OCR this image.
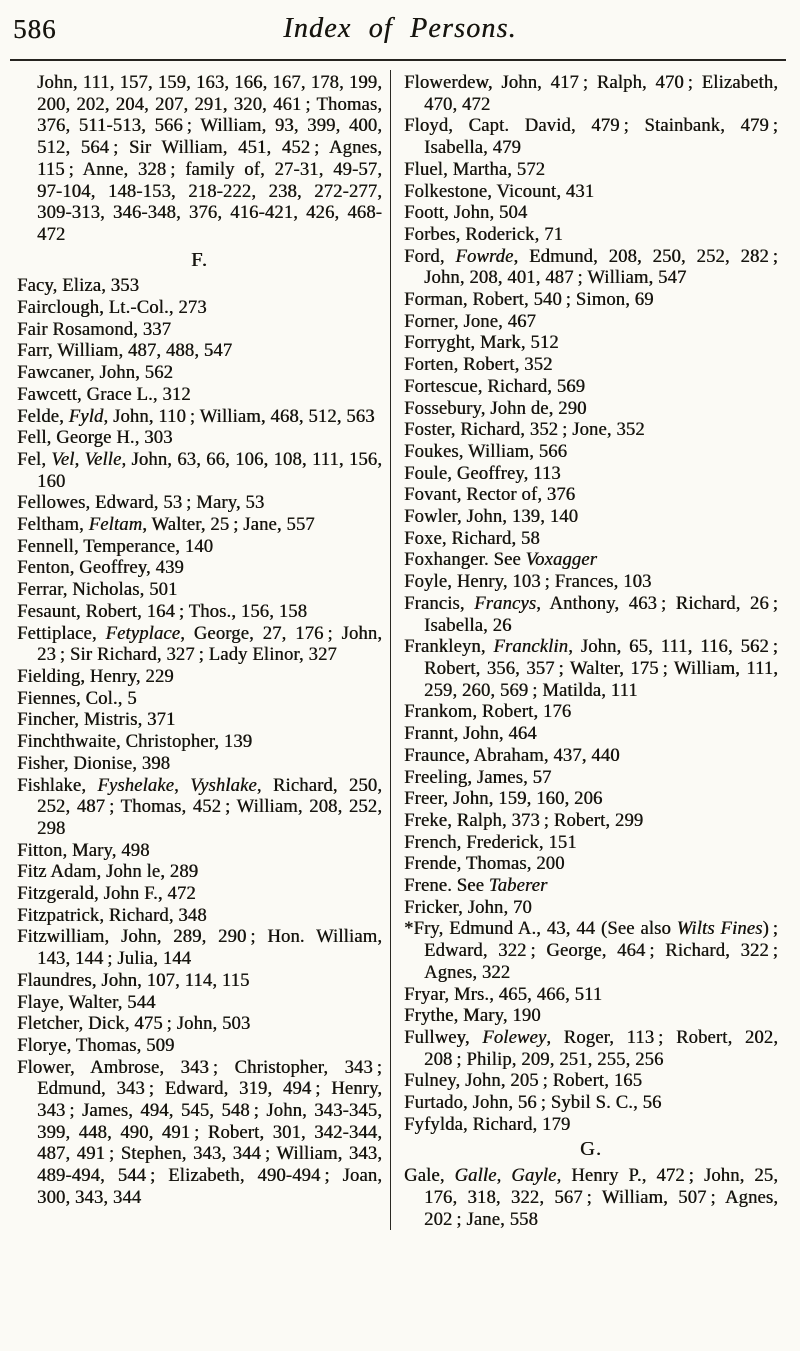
586	Index of Persons.

John, 111, 157, 159, 163, 166, 167, 178, 199, 200, 202, 204, 207, 291, 320, 461 ; Thomas, 376, 511-513, 566 ; William, 93, 399, 400, 512, 564 ; Sir William, 451, 452 ; Agnes, 115 ; Anne, 328 ; family of, 27-31, 49-57, 97-104, 148-153, 218-222, 238, 272-277, 309-313, 346-348, 376, 416-421, 426, 468-472

F.

Facy, Eliza, 353

Fairclough, Lt.-Col., 273

Fair Rosamond, 337

Farr, William, 487, 488, 547

Fawcaner, John, 562

Fawcett, Grace L., 312

Felde, Fyld, John, 110 ; William, 468, 512, 563

Fell, George H., 303

Fel, Vel, Velle, John, 63, 66, 106, 108, 111, 156, 160

Fellowes, Edward, 53 ; Mary, 53

Feltham, Feltam, Walter, 25 ; Jane, 557

Fennell, Temperance, 140

Fenton, Geoffrey, 439

Ferrar, Nicholas, 501

Fesaunt, Robert, 164 ; Thos., 156, 158

Fettiplace, Fetyplace, George, 27, 176 ; John, 23 ; Sir Richard, 327 ; Lady Elinor, 327

Fielding, Henry, 229

Fiennes, Col., 5

Fincher, Mistris, 371

Finchthwaite, Christopher, 139

Fisher, Dionise, 398

Fishlake, Fyshelake, Vyshlake, Richard, 250, 252, 487 ; Thomas, 452 ; William, 208, 252, 298

Fitton, Mary, 498

Fitz Adam, John le, 289

Fitzgerald, John F., 472

Fitzpatrick, Richard, 348

Fitzwilliam, John, 289, 290 ; Hon. William, 143, 144 ; Julia, 144

Flaundres, John, 107, 114, 115

Flaye, Walter, 544

Fletcher, Dick, 475 ; John, 503

Florye, Thomas, 509

Flower, Ambrose, 343 ; Christopher, 343 ; Edmund, 343 ; Edward, 319, 494 ; Henry, 343 ; James, 494, 545, 548 ; John, 343-345, 399, 448, 490, 491 ; Robert, 301, 342-344, 487, 491 ; Stephen, 343, 344 ; William, 343, 489-494, 544 ; Elizabeth, 490-494 ; Joan, 300, 343, 344

Flowerdew, John, 417 ; Ralph, 470 ; Elizabeth, 470, 472

Floyd, Capt. David, 479 ; Stainbank, 479 ; Isabella, 479

Fluel, Martha, 572

Folkestone, Vicount, 431

Foott, John, 504

Forbes, Roderick, 71

Ford, Fowrde, Edmund, 208, 250, 252, 282 ; John, 208, 401, 487 ; William, 547

Forman, Robert, 540 ; Simon, 69

Forner, Jone, 467

Forryght, Mark, 512

Forten, Robert, 352

Fortescue, Richard, 569

Fossebury, John de, 290

Foster, Richard, 352 ; Jone, 352

Foukes, William, 566

Foule, Geoffrey, 113

Fovant, Rector of, 376

Fowler, John, 139, 140

Foxe, Richard, 58

Foxhanger. See Voxagger

Foyle, Henry, 103 ; Frances, 103

Francis, Francys, Anthony, 463 ; Richard, 26 ; Isabella, 26

Frankleyn, Francklin, John, 65, 111, 116, 562 ; Robert, 356, 357 ; Walter, 175 ; William, 111, 259, 260, 569 ; Matilda, 111

Frankom, Robert, 176

Frannt, John, 464

Fraunce, Abraham, 437, 440

Freeling, James, 57

Freer, John, 159, 160, 206

Freke, Ralph, 373 ; Robert, 299

French, Frederick, 151

Frende, Thomas, 200

Frene. See Taberer

Fricker, John, 70

*Fry, Edmund A., 43, 44 (See also Wilts Fines) ; Edward, 322 ; George, 464 ; Richard, 322 ; Agnes, 322

Fryar, Mrs., 465, 466, 511

Frythe, Mary, 190

Fullwey, Folewey, Roger, 113 ; Robert, 202, 208 ; Philip, 209, 251, 255, 256

Fulney, John, 205 ; Robert, 165

Furtado, John, 56 ; Sybil S. C., 56

Fyfylda, Richard, 179

G.

Gale, Galle, Gayle, Henry P., 472 ; John, 25, 176, 318, 322, 567 ; William, 507 ; Agnes, 202 ; Jane, 558
